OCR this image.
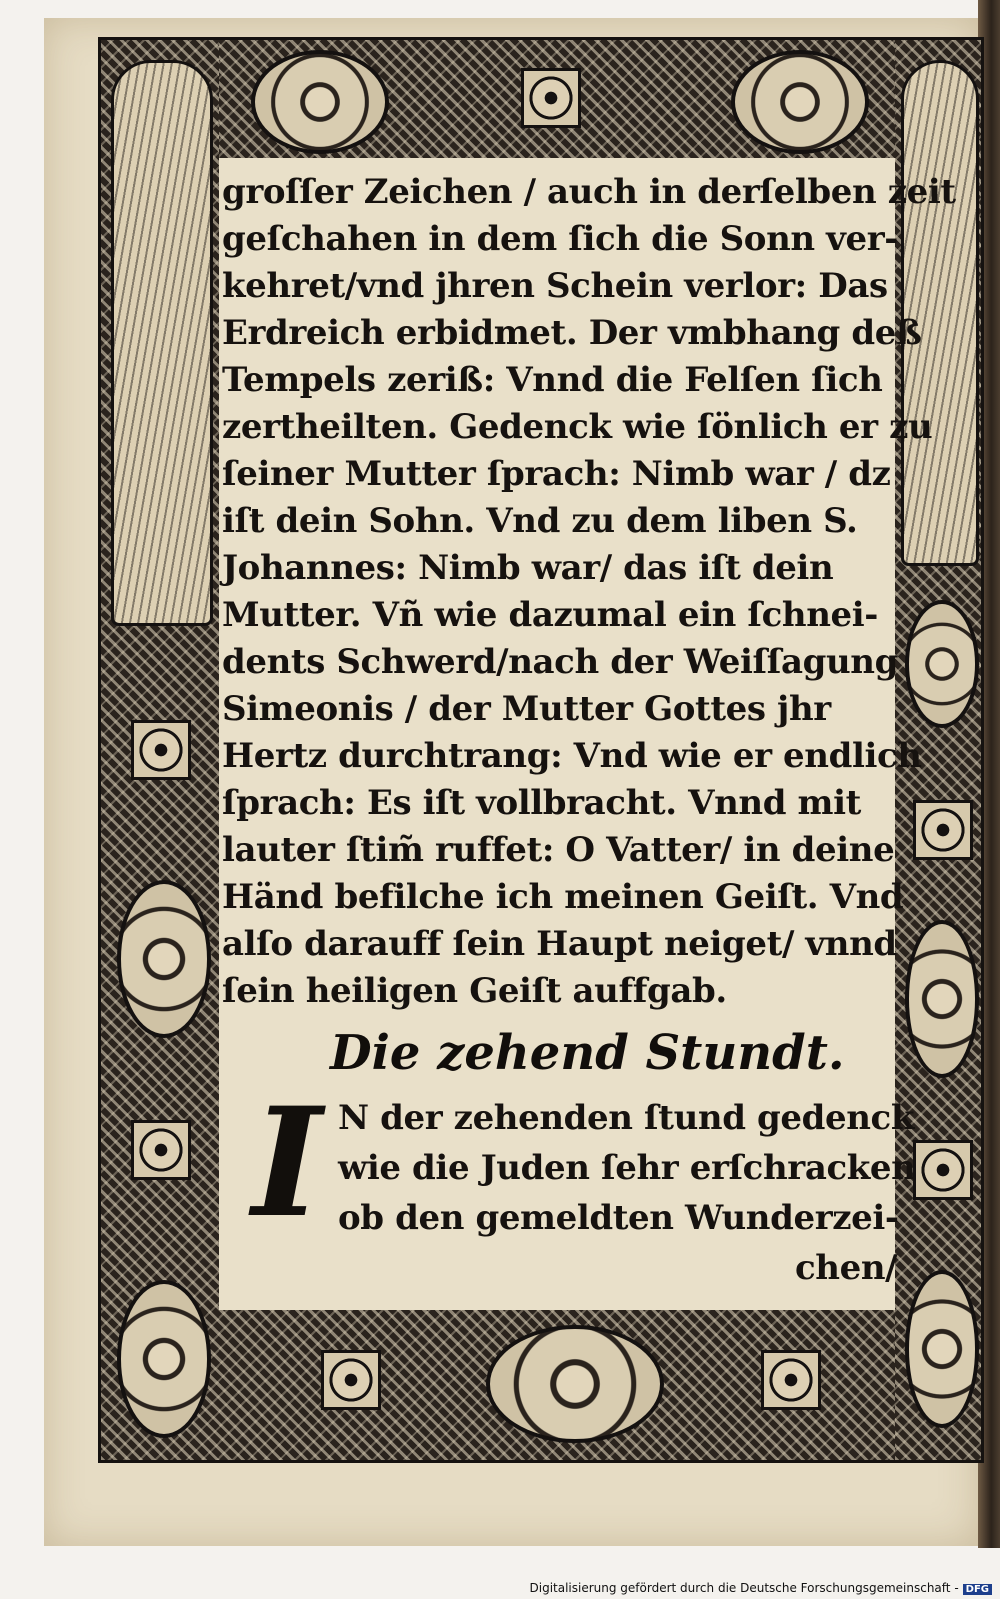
groſſer Zeichen / auch in derſelben zeit
geſchahen in dem ſich die Sonn ver-
kehret/vnd jhren Schein verlor: Das
Erdreich erbidmet. Der vmbhang deß
Tempels zeriß: Vnnd die Felſen ſich
zertheilten. Gedenck wie ſönlich er zu
ſeiner Mutter ſprach: Nimb war / dz
iſt dein Sohn. Vnd zu dem liben S.
Johannes: Nimb war/ das iſt dein
Mutter. Vñ wie dazumal ein ſchnei-
dents Schwerd/nach der Weiſſagung
Simeonis / der Mutter Gottes jhr
Hertz durchtrang: Vnd wie er endlich
ſprach: Es iſt vollbracht. Vnnd mit
lauter ſtim̃ ruffet: O Vatter/ in deine
Händ befilche ich meinen Geiſt. Vnd
alſo darauff ſein Haupt neiget/ vnnd
ſein heiligen Geiſt auffgab.
Die zehend Stundt.
I N der zehenden ſtund gedenck
wie die Juden ſehr erſchracken
ob den gemeldten Wunderzei-
chen/
Digitalisierung gefördert durch die Deutsche Forschungsgemeinschaft - DFG
